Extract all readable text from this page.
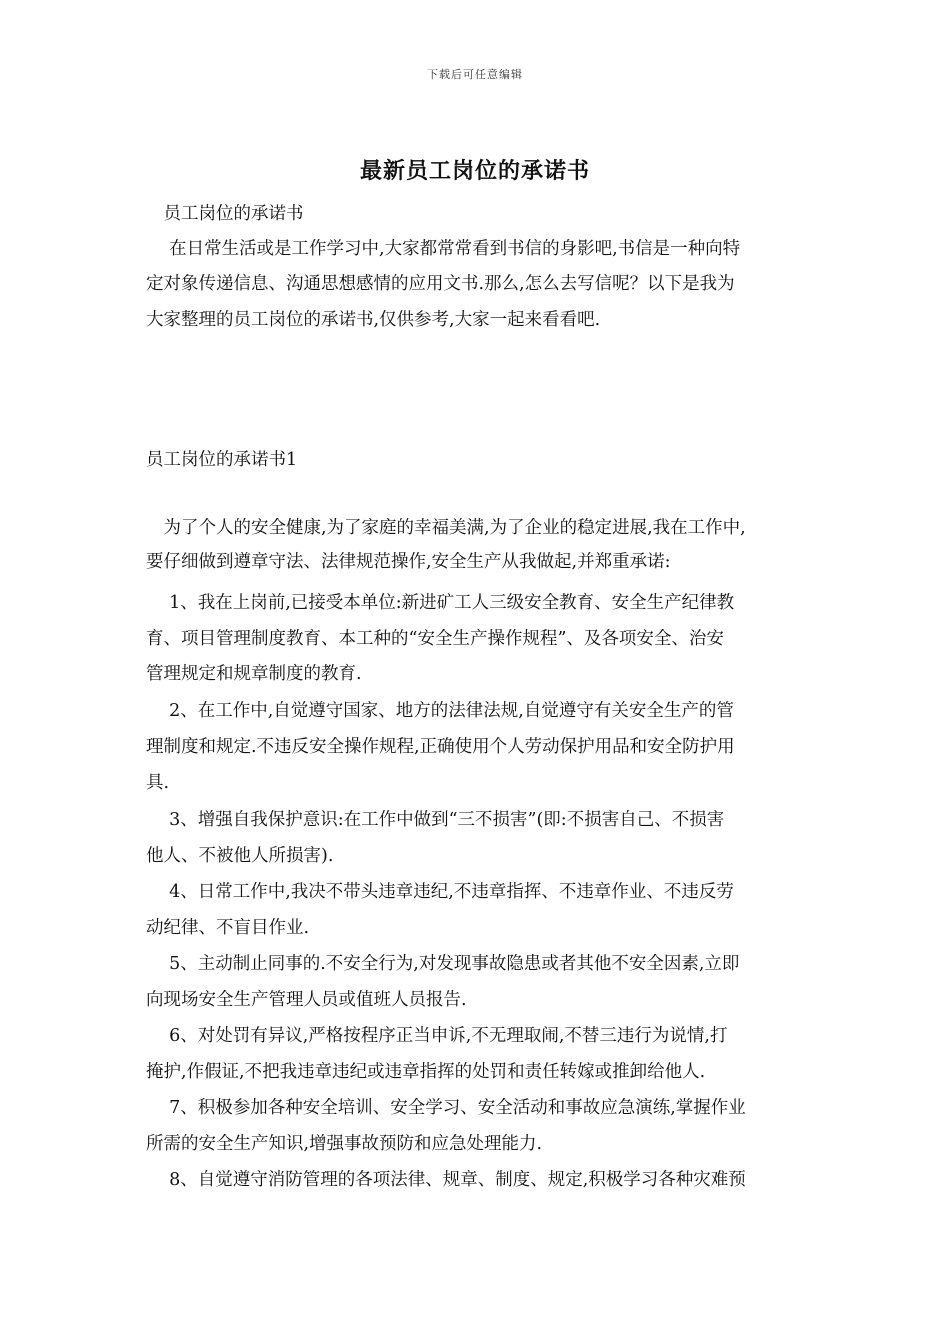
下载后可任意编辑
最新员工岗位的承诺书
　员工岗位的承诺书
　 在日常生活或是工作学习中,大家都常常看到书信的身影吧,书信是一种向特
定对象传递信息、沟通思想感情的应用文书.那么,怎么去写信呢？以下是我为
大家整理的员工岗位的承诺书,仅供参考,大家一起来看看吧.
员工岗位的承诺书1
　为了个人的安全健康,为了家庭的幸福美满,为了企业的稳定进展,我在工作中,
要仔细做到遵章守法、法律规范操作,安全生产从我做起,并郑重承诺:
　 1、我在上岗前,已接受本单位:新进矿工人三级安全教育、安全生产纪律教
育、项目管理制度教育、本工种的“安全生产操作规程”、及各项安全、治安
管理规定和规章制度的教育.
　 2、在工作中,自觉遵守国家、地方的法律法规,自觉遵守有关安全生产的管
理制度和规定.不违反安全操作规程,正确使用个人劳动保护用品和安全防护用
具.
　 3、增强自我保护意识:在工作中做到“三不损害”(即:不损害自己、不损害
他人、不被他人所损害).
　 4、日常工作中,我决不带头违章违纪,不违章指挥、不违章作业、不违反劳
动纪律、不盲目作业.
　 5、主动制止同事的.不安全行为,对发现事故隐患或者其他不安全因素,立即
向现场安全生产管理人员或值班人员报告.
　 6、对处罚有异议,严格按程序正当申诉,不无理取闹,不替三违行为说情,打
掩护,作假证,不把我违章违纪或违章指挥的处罚和责任转嫁或推卸给他人.
　 7、积极参加各种安全培训、安全学习、安全活动和事故应急演练,掌握作业
所需的安全生产知识,增强事故预防和应急处理能力.
　 8、自觉遵守消防管理的各项法律、规章、制度、规定,积极学习各种灾难预
